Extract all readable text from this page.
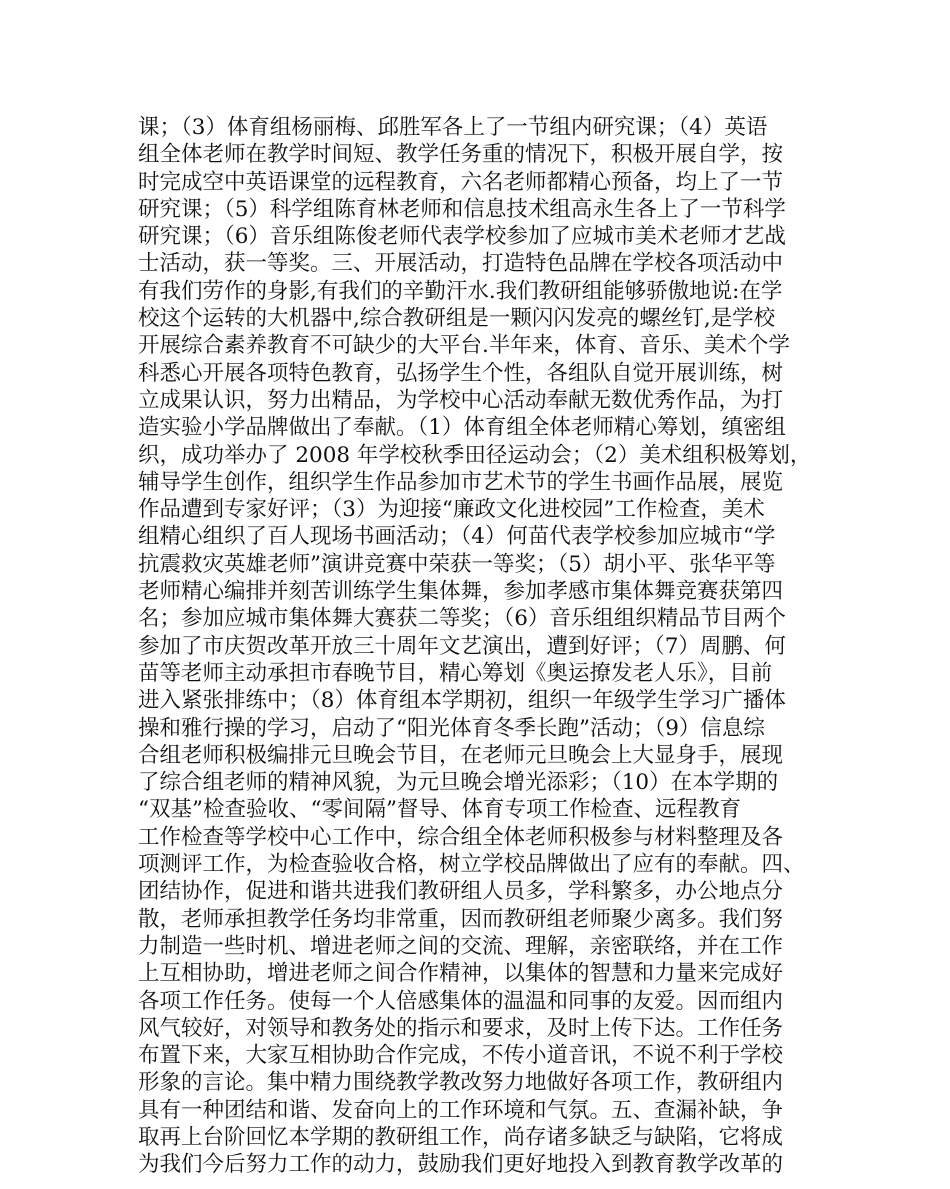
课；（3）体育组杨丽梅、邱胜军各上了一节组内研究课；（4）英语
组全体老师在教学时间短、教学任务重的情况下，积极开展自学，按
时完成空中英语课堂的远程教育，六名老师都精心预备，均上了一节
研究课；（5）科学组陈育林老师和信息技术组高永生各上了一节科学
研究课；（6）音乐组陈俊老师代表学校参加了应城市美术老师才艺战
士活动，获一等奖。三、开展活动，打造特色品牌在学校各项活动中
有我们劳作的身影,有我们的辛勤汗水.我们教研组能够骄傲地说:在学
校这个运转的大机器中,综合教研组是一颗闪闪发亮的螺丝钉,是学校
开展综合素养教育不可缺少的大平台.半年来，体育、音乐、美术个学
科悉心开展各项特色教育，弘扬学生个性，各组队自觉开展训练，树
立成果认识，努力出精品，为学校中心活动奉献无数优秀作品，为打
造实验小学品牌做出了奉献。（1）体育组全体老师精心筹划，缜密组
织，成功举办了 2008 年学校秋季田径运动会；（2）美术组积极筹划，
辅导学生创作，组织学生作品参加市艺术节的学生书画作品展，展览
作品遭到专家好评；（3）为迎接“廉政文化进校园”工作检查，美术
组精心组织了百人现场书画活动；（4）何苗代表学校参加应城市“学
抗震救灾英雄老师”演讲竞赛中荣获一等奖；（5）胡小平、张华平等
老师精心编排并刻苦训练学生集体舞，参加孝感市集体舞竞赛获第四
名；参加应城市集体舞大赛获二等奖；（6）音乐组组织精品节目两个
参加了市庆贺改革开放三十周年文艺演出，遭到好评；（7）周鹏、何
苗等老师主动承担市春晚节目，精心筹划《奥运撩发老人乐》，目前
进入紧张排练中；（8）体育组本学期初，组织一年级学生学习广播体
操和雅行操的学习，启动了“阳光体育冬季长跑”活动；（9）信息综
合组老师积极编排元旦晚会节目，在老师元旦晚会上大显身手，展现
了综合组老师的精神风貌，为元旦晚会增光添彩；（10）在本学期的
“双基”检查验收、“零间隔”督导、体育专项工作检查、远程教育
工作检查等学校中心工作中，综合组全体老师积极参与材料整理及各
项测评工作，为检查验收合格，树立学校品牌做出了应有的奉献。四、
团结协作，促进和谐共进我们教研组人员多，学科繁多，办公地点分
散，老师承担教学任务均非常重，因而教研组老师聚少离多。我们努
力制造一些时机、增进老师之间的交流、理解，亲密联络，并在工作
上互相协助，增进老师之间合作精神，以集体的智慧和力量来完成好
各项工作任务。使每一个人倍感集体的温温和同事的友爱。因而组内
风气较好，对领导和教务处的指示和要求，及时上传下达。工作任务
布置下来，大家互相协助合作完成，不传小道音讯，不说不利于学校
形象的言论。集中精力围绕教学教改努力地做好各项工作，教研组内
具有一种团结和谐、发奋向上的工作环境和气氛。五、查漏补缺，争
取再上台阶回忆本学期的教研组工作，尚存诸多缺乏与缺陷，它将成
为我们今后努力工作的动力，鼓励我们更好地投入到教育教学改革的
